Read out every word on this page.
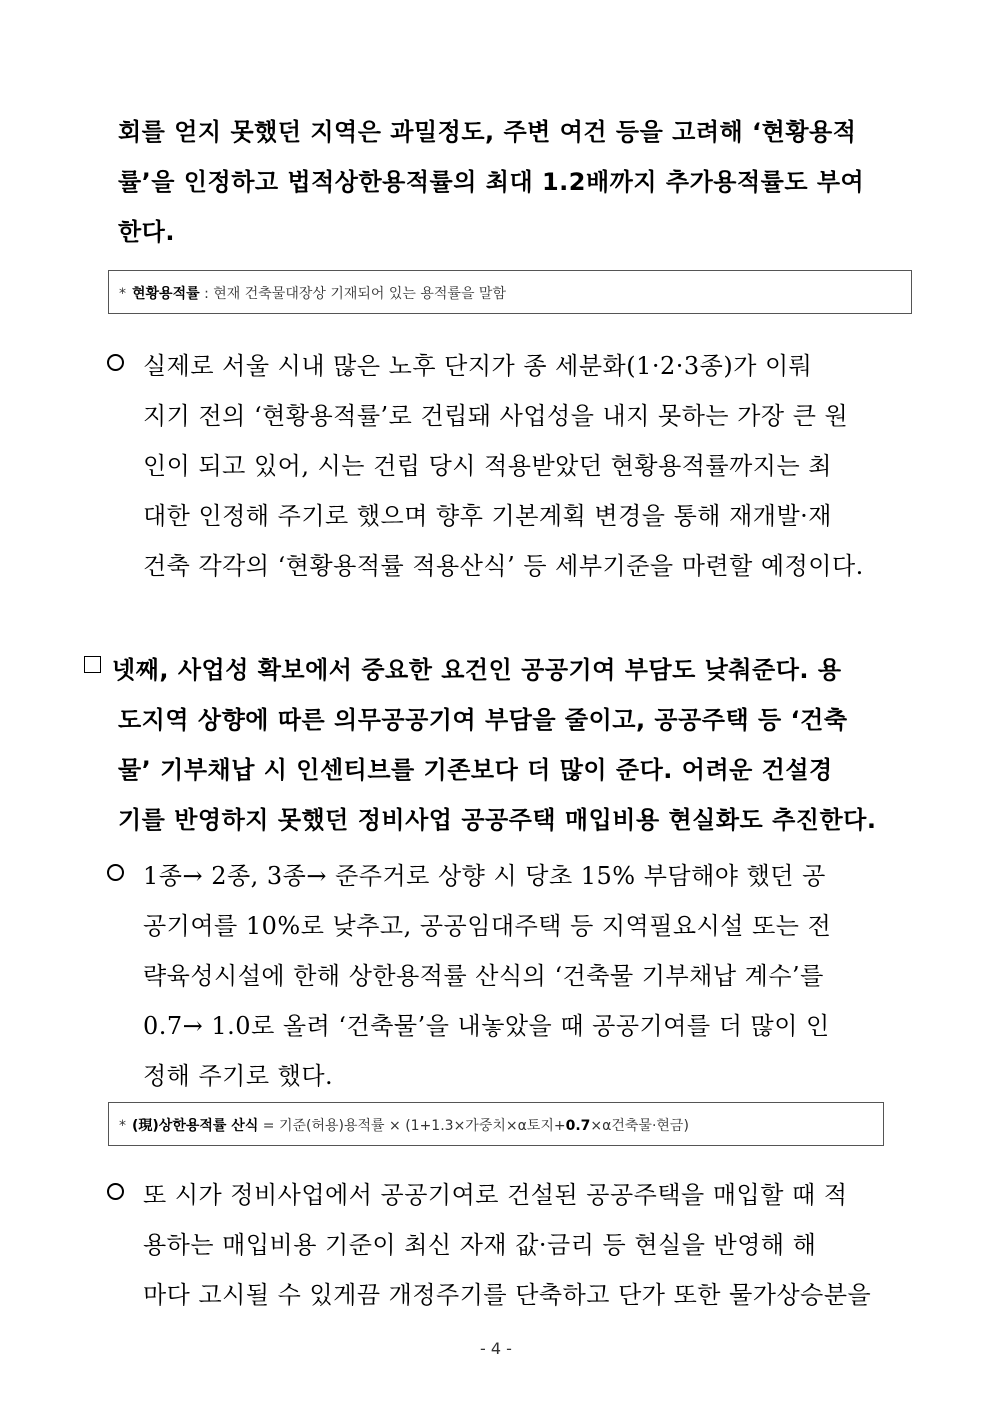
회를 얻지 못했던 지역은 과밀정도, 주변 여건 등을 고려해 ‘현황용적
률’을 인정하고 법적상한용적률의 최대 1.2배까지 추가용적률도 부여
한다.
* 현황용적률 : 현재 건축물대장상 기재되어 있는 용적률을 말함
실제로 서울 시내 많은 노후 단지가 종 세분화(1·2·3종)가 이뤄
지기 전의 ‘현황용적률’로 건립돼 사업성을 내지 못하는 가장 큰 원
인이 되고 있어, 시는 건립 당시 적용받았던 현황용적률까지는 최
대한 인정해 주기로 했으며 향후 기본계획 변경을 통해 재개발·재
건축 각각의 ‘현황용적률 적용산식’ 등 세부기준을 마련할 예정이다.
넷째, 사업성 확보에서 중요한 요건인 공공기여 부담도 낮춰준다. 용
도지역 상향에 따른 의무공공기여 부담을 줄이고, 공공주택 등 ‘건축
물’ 기부채납 시 인센티브를 기존보다 더 많이 준다. 어려운 건설경
기를 반영하지 못했던 정비사업 공공주택 매입비용 현실화도 추진한다.
1종→ 2종, 3종→ 준주거로 상향 시 당초 15% 부담해야 했던 공
공기여를 10%로 낮추고, 공공임대주택 등 지역필요시설 또는 전
략육성시설에 한해 상한용적률 산식의 ‘건축물 기부채납 계수’를
0.7→ 1.0로 올려 ‘건축물’을 내놓았을 때 공공기여를 더 많이 인
정해 주기로 했다.
* (現)상한용적률 산식 = 기준(허용)용적률 × (1+1.3×가중치×α토지+0.7×α건축물·현금)
또 시가 정비사업에서 공공기여로 건설된 공공주택을 매입할 때 적
용하는 매입비용 기준이 최신 자재 값·금리 등 현실을 반영해 해
마다 고시될 수 있게끔 개정주기를 단축하고 단가 또한 물가상승분을
- 4 -
